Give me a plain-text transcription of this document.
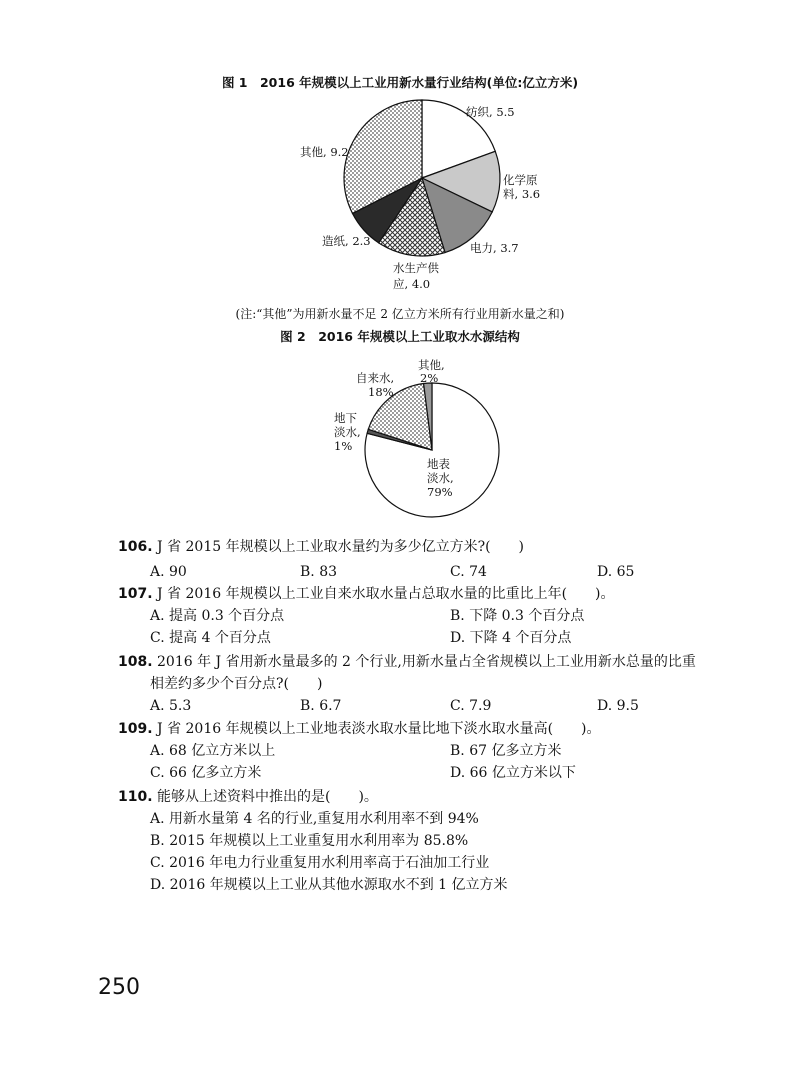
图 1　2016 年规模以上工业用新水量行业结构(单位:亿立方米)
(注:“其他”为用新水量不足 2 亿立方米所有行业用新水量之和)
图 2　2016 年规模以上工业取水水源结构
纺织, 5.5
化学原
料, 3.6
电力, 3.7
水生产供
应, 4.0
造纸, 2.3
其他, 9.2
其他,
2%
自来水,
18%
地下
淡水,
1%
地表
淡水,
79%
106. J 省 2015 年规模以上工业取水量约为多少亿立方米?(　　)
A. 90	B. 83	C. 74	D. 65
107. J 省 2016 年规模以上工业自来水取水量占总取水量的比重比上年(　　)。
A. 提高 0.3 个百分点	B. 下降 0.3 个百分点
C. 提高 4 个百分点	D. 下降 4 个百分点
108. 2016 年 J 省用新水量最多的 2 个行业,用新水量占全省规模以上工业用新水总量的比重
相差约多少个百分点?(　　)
A. 5.3	B. 6.7	C. 7.9	D. 9.5
109. J 省 2016 年规模以上工业地表淡水取水量比地下淡水取水量高(　　)。
A. 68 亿立方米以上	B. 67 亿多立方米
C. 66 亿多立方米	D. 66 亿立方米以下
110. 能够从上述资料中推出的是(　　)。
A. 用新水量第 4 名的行业,重复用水利用率不到 94%
B. 2015 年规模以上工业重复用水利用率为 85.8%
C. 2016 年电力行业重复用水利用率高于石油加工行业
D. 2016 年规模以上工业从其他水源取水不到 1 亿立方米
250
